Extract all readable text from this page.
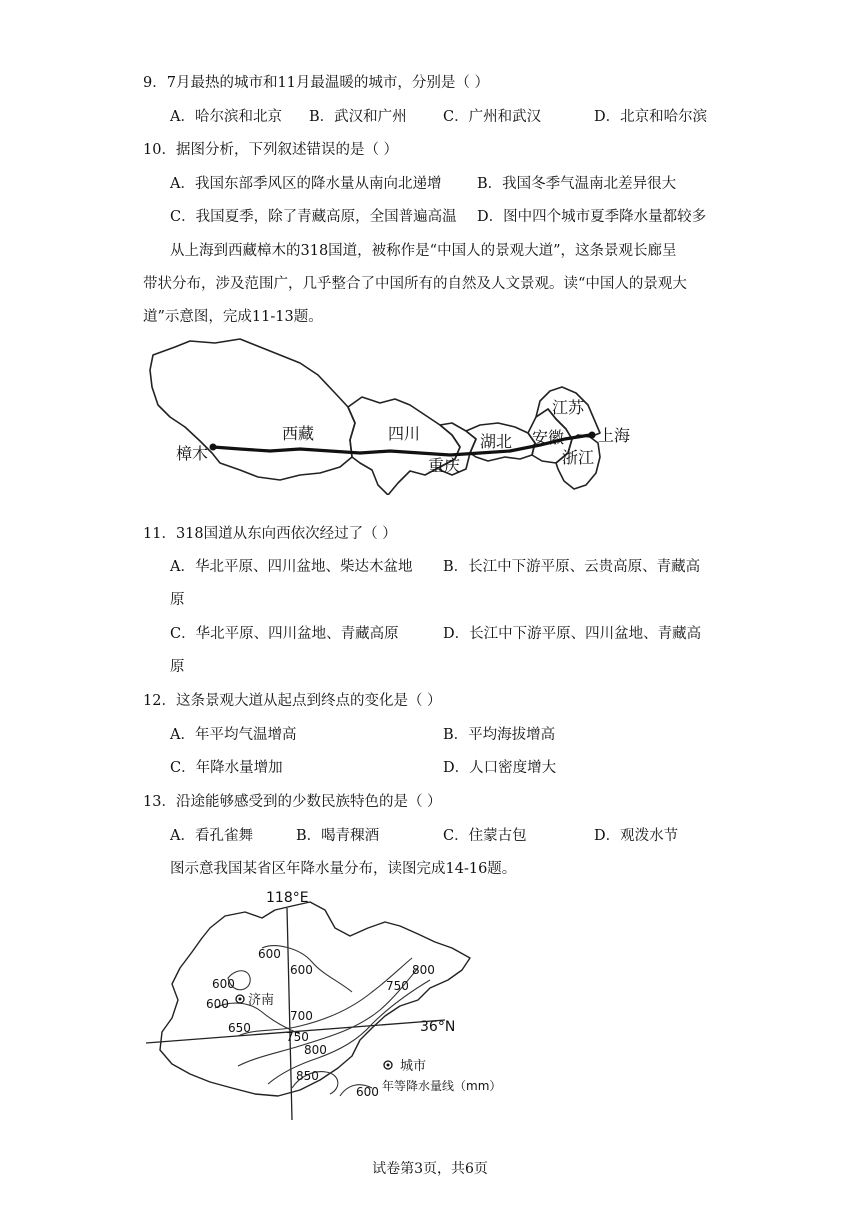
9．7月最热的城市和11月最温暖的城市，分别是（ ）
A．哈尔滨和北京 B．武汉和广州	C．广州和武汉	D．北京和哈尔滨
10．据图分析，下列叙述错误的是（ ）
A．我国东部季风区的降水量从南向北递增 B．我国冬季气温南北差异很大
C．我国夏季，除了青藏高原，全国普遍高温 D．图中四个城市夏季降水量都较多
从上海到西藏樟木的318国道，被称作是“中国人的景观大道”，这条景观长廊呈
带状分布，涉及范围广，几乎整合了中国所有的自然及人文景观。读“中国人的景观大
道”示意图，完成11-13题。
樟木
西藏	四川
重庆
湖北 安徽
江苏
上海
浙江
11．318国道从东向西依次经过了（ ）
A．华北平原、四川盆地、柴达木盆地 B．长江中下游平原、云贵高原、青藏高
原
C．华北平原、四川盆地、青藏高原	D．长江中下游平原、四川盆地、青藏高
原
12．这条景观大道从起点到终点的变化是（ ）
A．年平均气温增高	B．平均海拔增高
C．年降水量增加	D．人口密度增大
13．沿途能够感受到的少数民族特色的是（ ）
A．看孔雀舞	B．喝青稞酒	C．住蒙古包	D．观泼水节
图示意我国某省区年降水量分布，读图完成14-16题。
118°E
36°N
600
600
600
600
650
700
750
750
800
800
850
济南
城市
600 年等降水量线（mm）
试卷第3页，共6页
